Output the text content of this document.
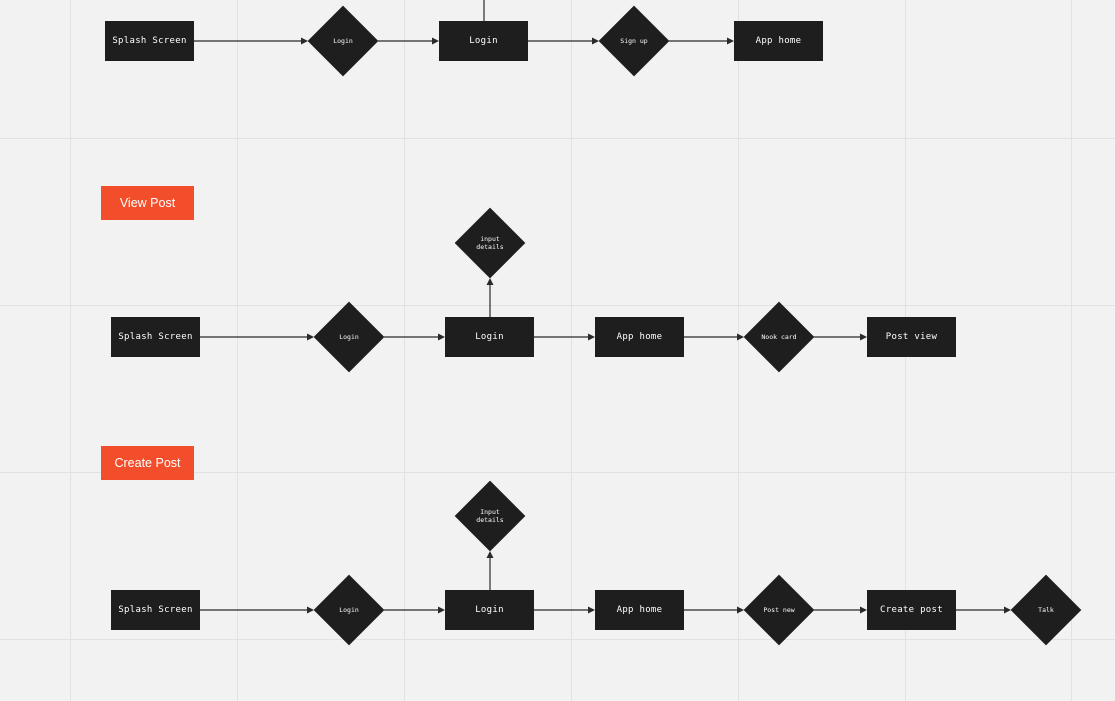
Splash Screen	Login	Login	Sign up	App home
View Post
Splash Screen	Login
input details
Login	App home	Nook card	Post view
Create Post
Splash Screen	Login
Input details
Login	App home	Post new	Create post	Talk
